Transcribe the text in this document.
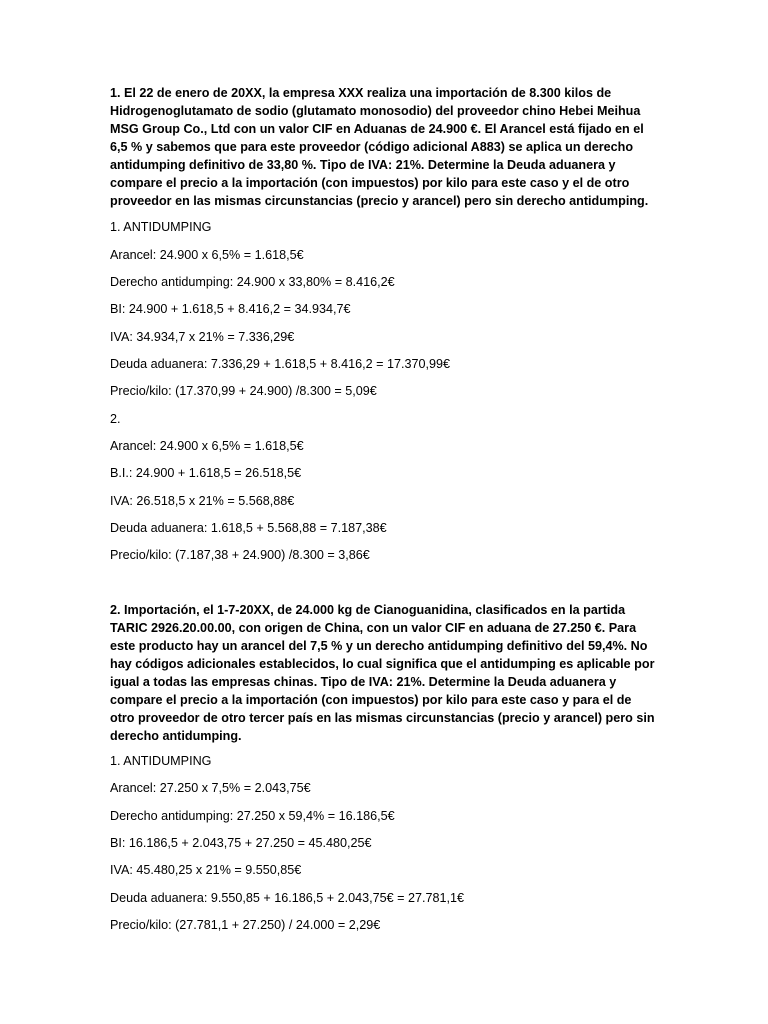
1. El 22 de enero de 20XX, la empresa XXX realiza una importación de 8.300 kilos de Hidrogenoglutamato de sodio (glutamato monosodio) del proveedor chino Hebei Meihua MSG Group Co., Ltd con un valor CIF en Aduanas de 24.900 €. El Arancel está fijado en el 6,5 % y sabemos que para este proveedor (código adicional A883) se aplica un derecho antidumping definitivo de 33,80 %. Tipo de IVA: 21%. Determine la Deuda aduanera y compare el precio a la importación (con impuestos) por kilo para este caso y el de otro proveedor en las mismas circunstancias (precio y arancel) pero sin derecho antidumping.

1. ANTIDUMPING

Arancel: 24.900 x 6,5% = 1.618,5€

Derecho antidumping: 24.900 x 33,80% = 8.416,2€

BI: 24.900 + 1.618,5 + 8.416,2 = 34.934,7€

IVA: 34.934,7 x 21% = 7.336,29€

Deuda aduanera: 7.336,29 + 1.618,5 + 8.416,2 = 17.370,99€

Precio/kilo: (17.370,99 + 24.900) /8.300 = 5,09€

2.

Arancel: 24.900 x 6,5% = 1.618,5€

B.I.: 24.900 + 1.618,5 = 26.518,5€

IVA: 26.518,5 x 21% = 5.568,88€

Deuda aduanera: 1.618,5 + 5.568,88 = 7.187,38€

Precio/kilo: (7.187,38 + 24.900) /8.300 = 3,86€

2. Importación, el 1-7-20XX, de 24.000 kg de Cianoguanidina, clasificados en la partida TARIC 2926.20.00.00, con origen de China, con un valor CIF en aduana de 27.250 €. Para este producto hay un arancel del 7,5 % y un derecho antidumping definitivo del 59,4%. No hay códigos adicionales establecidos, lo cual significa que el antidumping es aplicable por igual a todas las empresas chinas. Tipo de IVA: 21%. Determine la Deuda aduanera y compare el precio a la importación (con impuestos) por kilo para este caso y para el de otro proveedor de otro tercer país en las mismas circunstancias (precio y arancel) pero sin derecho antidumping.

1. ANTIDUMPING

Arancel: 27.250 x 7,5% = 2.043,75€

Derecho antidumping: 27.250 x 59,4% = 16.186,5€

BI: 16.186,5 + 2.043,75 + 27.250 = 45.480,25€

IVA: 45.480,25 x 21% = 9.550,85€

Deuda aduanera: 9.550,85 + 16.186,5 + 2.043,75€ = 27.781,1€

Precio/kilo: (27.781,1 + 27.250) / 24.000 = 2,29€
